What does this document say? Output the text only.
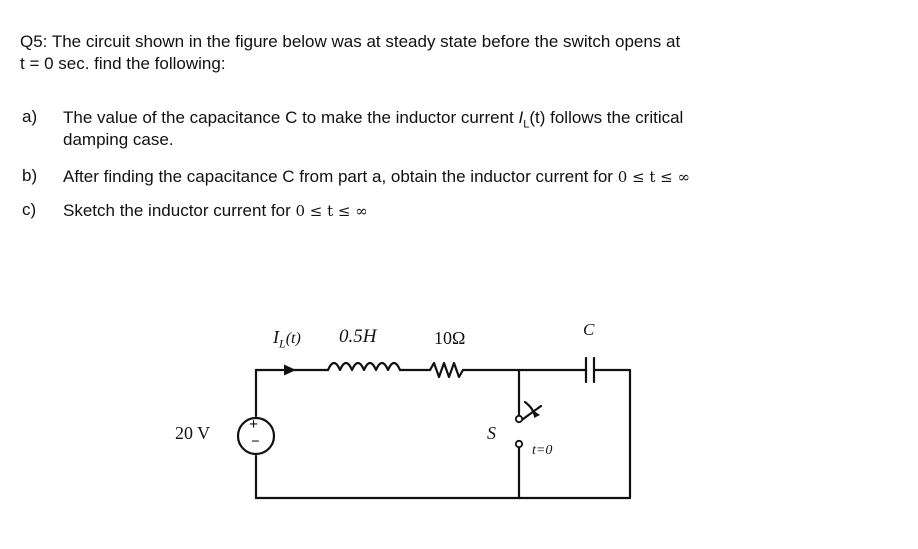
Q5: The circuit shown in the figure below was at steady state before the switch opens at
t = 0 sec. find the following:
a) The value of the capacitance C to make the inductor current $I_L(t)$ follows the critical
damping case.
b) After finding the capacitance C from part a, obtain the inductor current for 0 ≤ t ≤ ∞
c) Sketch the inductor current for 0 ≤ t ≤ ∞
20 V +
−
$I_L(t)$ 0.5H	10Ω	C
S
t=0
